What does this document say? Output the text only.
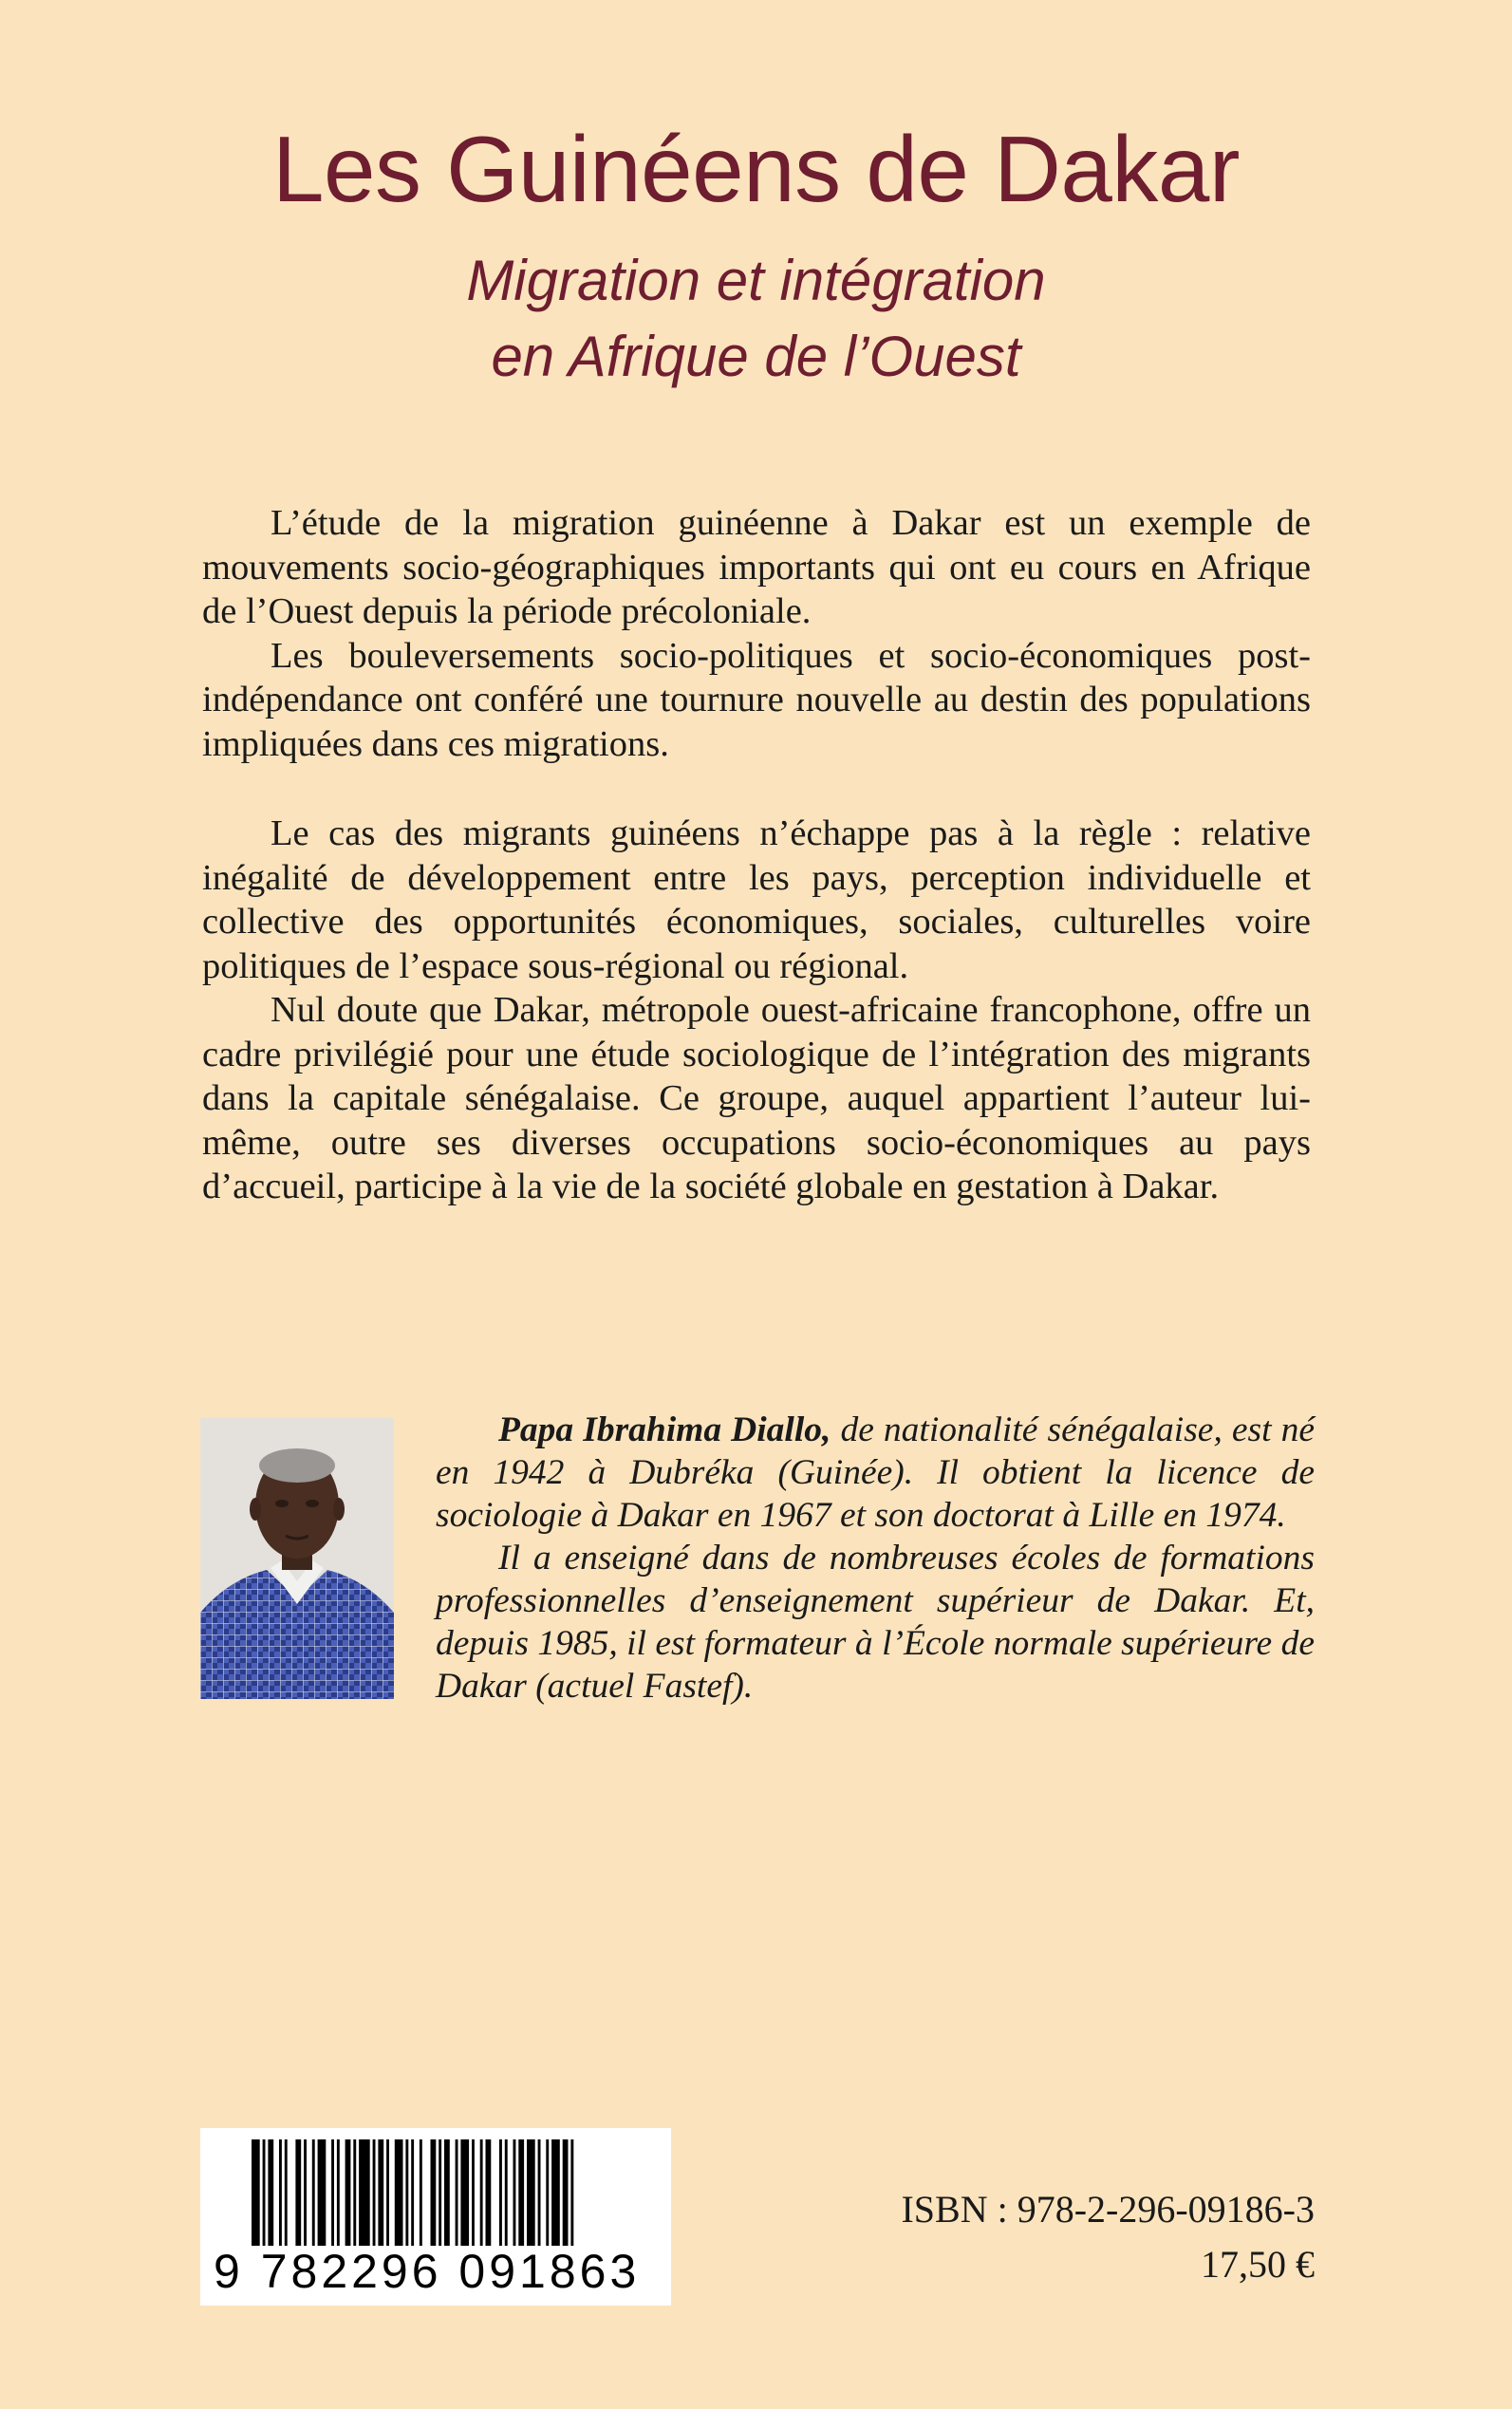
Les Guinéens de Dakar
Migration et intégration
en Afrique de l’Ouest

L’étude de la migration guinéenne à Dakar est un exemple de mouvements socio-géographiques importants qui ont eu cours en Afrique de l’Ouest depuis la période précoloniale.

Les bouleversements socio-politiques et socio-économiques post-indépendance ont conféré une tournure nouvelle au destin des populations impliquées dans ces migrations.

Le cas des migrants guinéens n’échappe pas à la règle : relative inégalité de développement entre les pays, perception individuelle et collective des opportunités économiques, sociales, culturelles voire politiques de l’espace sous-régional ou régional.

Nul doute que Dakar, métropole ouest-africaine francophone, offre un cadre privilégié pour une étude sociologique de l’intégration des migrants dans la capitale sénégalaise. Ce groupe, auquel appartient l’auteur lui-même, outre ses diverses occupations socio-économiques au pays d’accueil, participe à la vie de la société globale en gestation à Dakar.

Papa Ibrahima Diallo, de nationalité sénégalaise, est né en 1942 à Dubréka (Guinée). Il obtient la licence de sociologie à Dakar en 1967 et son doctorat à Lille en 1974.

Il a enseigné dans de nombreuses écoles de formations professionnelles d’enseignement supérieur de Dakar. Et, depuis 1985, il est formateur à l’École normale supérieure de Dakar (actuel Fastef).

9 782296 091863
ISBN : 978-2-296-09186-3
17,50 €
